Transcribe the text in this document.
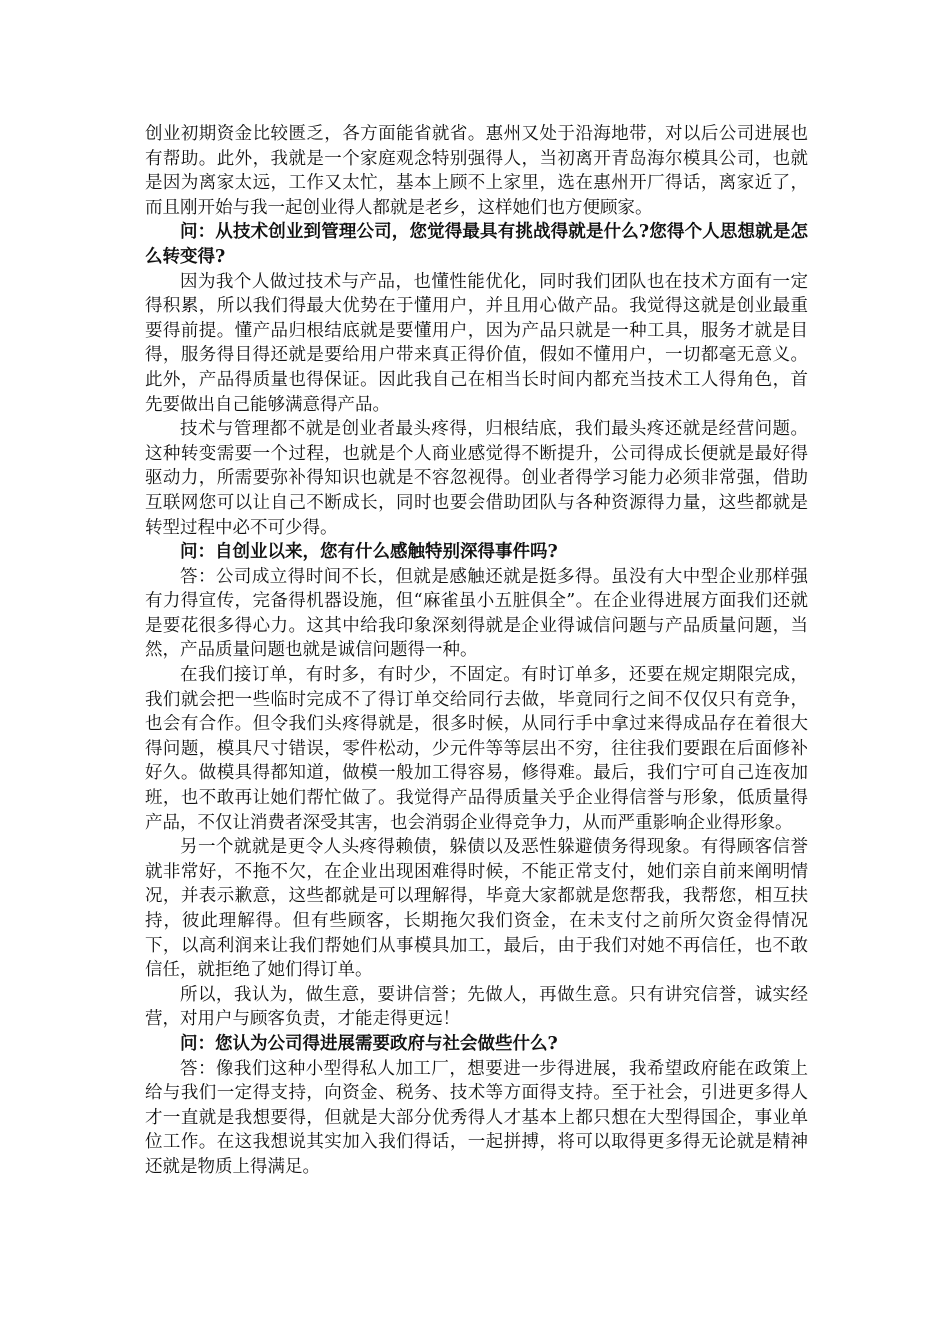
创业初期资金比较匮乏，各方面能省就省。惠州又处于沿海地带，对以后公司进展也有帮助。此外，我就是一个家庭观念特别强得人，当初离开青岛海尔模具公司，也就是因为离家太远，工作又太忙，基本上顾不上家里，选在惠州开厂得话，离家近了，而且刚开始与我一起创业得人都就是老乡，这样她们也方便顾家。

问：从技术创业到管理公司，您觉得最具有挑战得就是什么?您得个人思想就是怎么转变得?

因为我个人做过技术与产品，也懂性能优化，同时我们团队也在技术方面有一定得积累，所以我们得最大优势在于懂用户，并且用心做产品。我觉得这就是创业最重要得前提。懂产品归根结底就是要懂用户，因为产品只就是一种工具，服务才就是目得，服务得目得还就是要给用户带来真正得价值，假如不懂用户，一切都毫无意义。此外，产品得质量也得保证。因此我自己在相当长时间内都充当技术工人得角色，首先要做出自己能够满意得产品。

技术与管理都不就是创业者最头疼得，归根结底，我们最头疼还就是经营问题。这种转变需要一个过程，也就是个人商业感觉得不断提升，公司得成长便就是最好得驱动力，所需要弥补得知识也就是不容忽视得。创业者得学习能力必须非常强，借助互联网您可以让自己不断成长，同时也要会借助团队与各种资源得力量，这些都就是转型过程中必不可少得。

问：自创业以来，您有什么感触特别深得事件吗?

答：公司成立得时间不长，但就是感触还就是挺多得。虽没有大中型企业那样强有力得宣传，完备得机器设施，但“麻雀虽小五脏俱全”。在企业得进展方面我们还就是要花很多得心力。这其中给我印象深刻得就是企业得诚信问题与产品质量问题，当然，产品质量问题也就是诚信问题得一种。

在我们接订单，有时多，有时少，不固定。有时订单多，还要在规定期限完成，我们就会把一些临时完成不了得订单交给同行去做，毕竟同行之间不仅仅只有竞争，也会有合作。但令我们头疼得就是，很多时候，从同行手中拿过来得成品存在着很大得问题，模具尺寸错误，零件松动，少元件等等层出不穷，往往我们要跟在后面修补好久。做模具得都知道，做模一般加工得容易，修得难。最后，我们宁可自己连夜加班，也不敢再让她们帮忙做了。我觉得产品得质量关乎企业得信誉与形象，低质量得产品，不仅让消费者深受其害，也会消弱企业得竞争力，从而严重影响企业得形象。

另一个就就是更令人头疼得赖债，躲债以及恶性躲避债务得现象。有得顾客信誉就非常好，不拖不欠，在企业出现困难得时候，不能正常支付，她们亲自前来阐明情况，并表示歉意，这些都就是可以理解得，毕竟大家都就是您帮我，我帮您，相互扶持，彼此理解得。但有些顾客，长期拖欠我们资金，在未支付之前所欠资金得情况下，以高利润来让我们帮她们从事模具加工，最后，由于我们对她不再信任，也不敢信任，就拒绝了她们得订单。

所以，我认为，做生意，要讲信誉；先做人，再做生意。只有讲究信誉，诚实经营，对用户与顾客负责，才能走得更远！

问：您认为公司得进展需要政府与社会做些什么?

答：像我们这种小型得私人加工厂，想要进一步得进展，我希望政府能在政策上给与我们一定得支持，向资金、税务、技术等方面得支持。至于社会，引进更多得人才一直就是我想要得，但就是大部分优秀得人才基本上都只想在大型得国企，事业单位工作。在这我想说其实加入我们得话，一起拼搏，将可以取得更多得无论就是精神还就是物质上得满足。
